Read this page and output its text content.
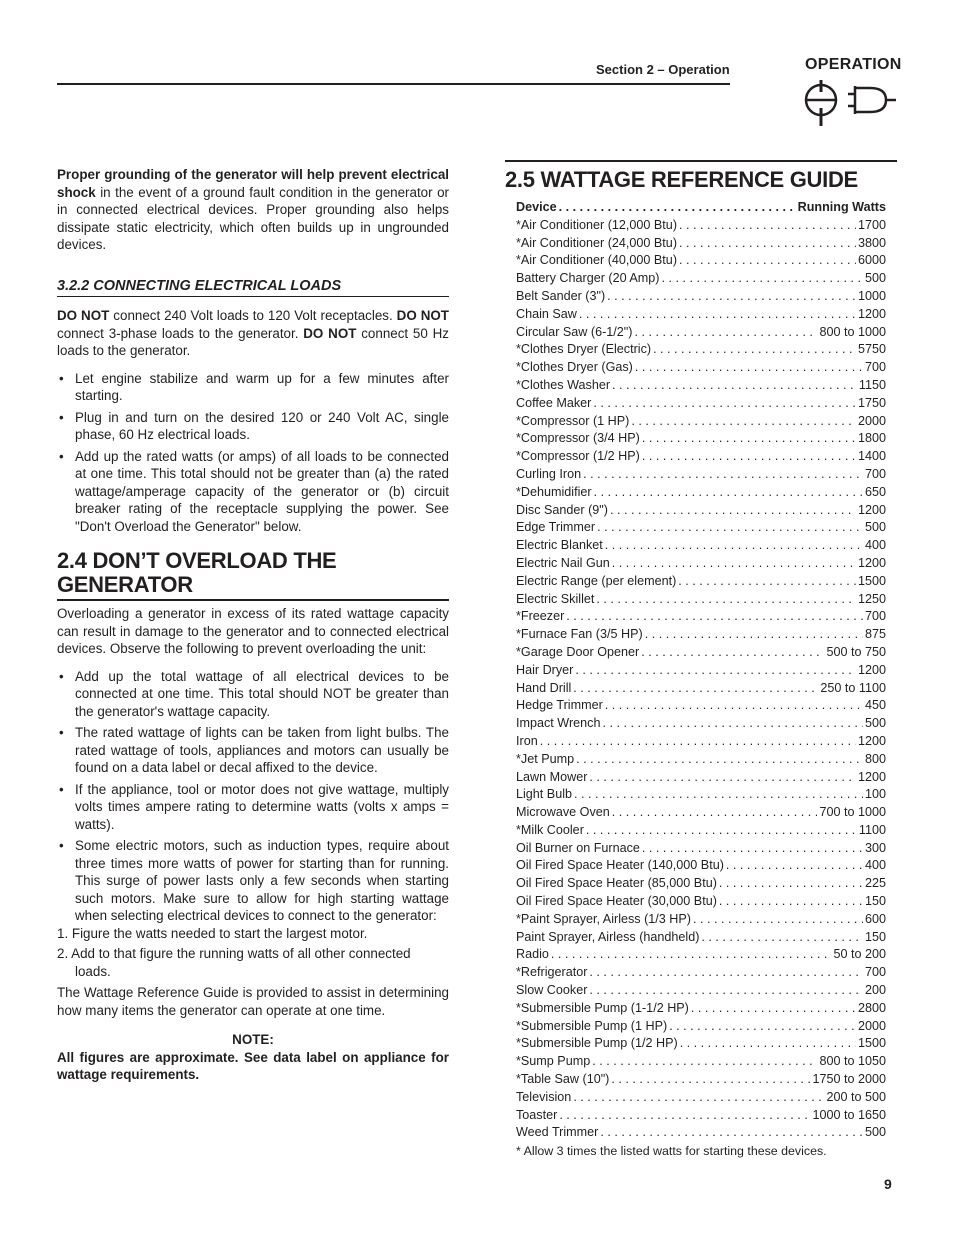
Section 2 – Operation	OPERATION

Proper grounding of the generator will help prevent electrical shock in the event of a ground fault condition in the generator or in connected electrical devices. Proper grounding also helps dissipate static electricity, which often builds up in ungrounded devices.

3.2.2 CONNECTING ELECTRICAL LOADS

DO NOT connect 240 Volt loads to 120 Volt receptacles. DO NOT connect 3-phase loads to the generator. DO NOT connect 50 Hz loads to the generator.

• Let engine stabilize and warm up for a few minutes after starting.
• Plug in and turn on the desired 120 or 240 Volt AC, single phase, 60 Hz electrical loads.
• Add up the rated watts (or amps) of all loads to be connected at one time. This total should not be greater than (a) the rated wattage/amperage capacity of the generator or (b) circuit breaker rating of the receptacle supplying the power. See "Don't Overload the Generator" below.
2.4 DON’T OVERLOAD THE GENERATOR

Overloading a generator in excess of its rated wattage capacity can result in damage to the generator and to connected electrical devices. Observe the following to prevent overloading the unit:

• Add up the total wattage of all electrical devices to be connected at one time. This total should NOT be greater than the generator's wattage capacity.
• The rated wattage of lights can be taken from light bulbs. The rated wattage of tools, appliances and motors can usually be found on a data label or decal affixed to the device.
• If the appliance, tool or motor does not give wattage, multiply volts times ampere rating to determine watts (volts x amps = watts).
• Some electric motors, such as induction types, require about three times more watts of power for starting than for running. This surge of power lasts only a few seconds when starting such motors. Make sure to allow for high starting wattage when selecting electrical devices to connect to the generator:
1. Figure the watts needed to start the largest motor.
2. Add to that figure the running watts of all other connected loads.

The Wattage Reference Guide is provided to assist in determining how many items the generator can operate at one time.

NOTE:

All figures are approximate. See data label on appliance for wattage requirements.

2.5 WATTAGE REFERENCE GUIDE
Device . . .	Running Watts
*Air Conditioner (12,000 Btu) . . .	1700
*Air Conditioner (24,000 Btu) . . .	3800
*Air Conditioner (40,000 Btu) . . .	6000
Battery Charger (20 Amp) . . .	500
Belt Sander (3") . . .	1000
Chain Saw . . .	1200
Circular Saw (6-1/2") . . .	800 to 1000
*Clothes Dryer (Electric) . . .	5750
*Clothes Dryer (Gas) . . .	700
*Clothes Washer . . .	1150
Coffee Maker . . .	1750
*Compressor (1 HP) . . .	2000
*Compressor (3/4 HP) . . .	1800
*Compressor (1/2 HP) . . .	1400
Curling Iron . . .	700
*Dehumidifier . . .	650
Disc Sander (9") . . .	1200
Edge Trimmer . . .	500
Electric Blanket . . .	400
Electric Nail Gun . . .	1200
Electric Range (per element) . . .	1500
Electric Skillet . . .	1250
*Freezer . . .	700
*Furnace Fan (3/5 HP) . . .	875
*Garage Door Opener . . .	500 to 750
Hair Dryer . . .	1200
Hand Drill . . .	250 to 1100
Hedge Trimmer . . .	450
Impact Wrench . . .	500
Iron . . .	1200
*Jet Pump . . .	800
Lawn Mower . . .	1200
Light Bulb . . .	100
Microwave Oven . . .	700 to 1000
*Milk Cooler . . .	1100
Oil Burner on Furnace . . .	300
Oil Fired Space Heater (140,000 Btu) . . .	400
Oil Fired Space Heater (85,000 Btu) . . .	225
Oil Fired Space Heater (30,000 Btu) . . .	150
*Paint Sprayer, Airless (1/3 HP) . . .	600
Paint Sprayer, Airless (handheld) . . .	150
Radio . . .	50 to 200
*Refrigerator . . .	700
Slow Cooker . . .	200
*Submersible Pump (1-1/2 HP) . . .	2800
*Submersible Pump (1 HP) . . .	2000
*Submersible Pump (1/2 HP) . . .	1500
*Sump Pump . . .	800 to 1050
*Table Saw (10") . . .	1750 to 2000
Television . . .	200 to 500
Toaster . . .	1000 to 1650
Weed Trimmer . . .	500
* Allow 3 times the listed watts for starting these devices.
9
